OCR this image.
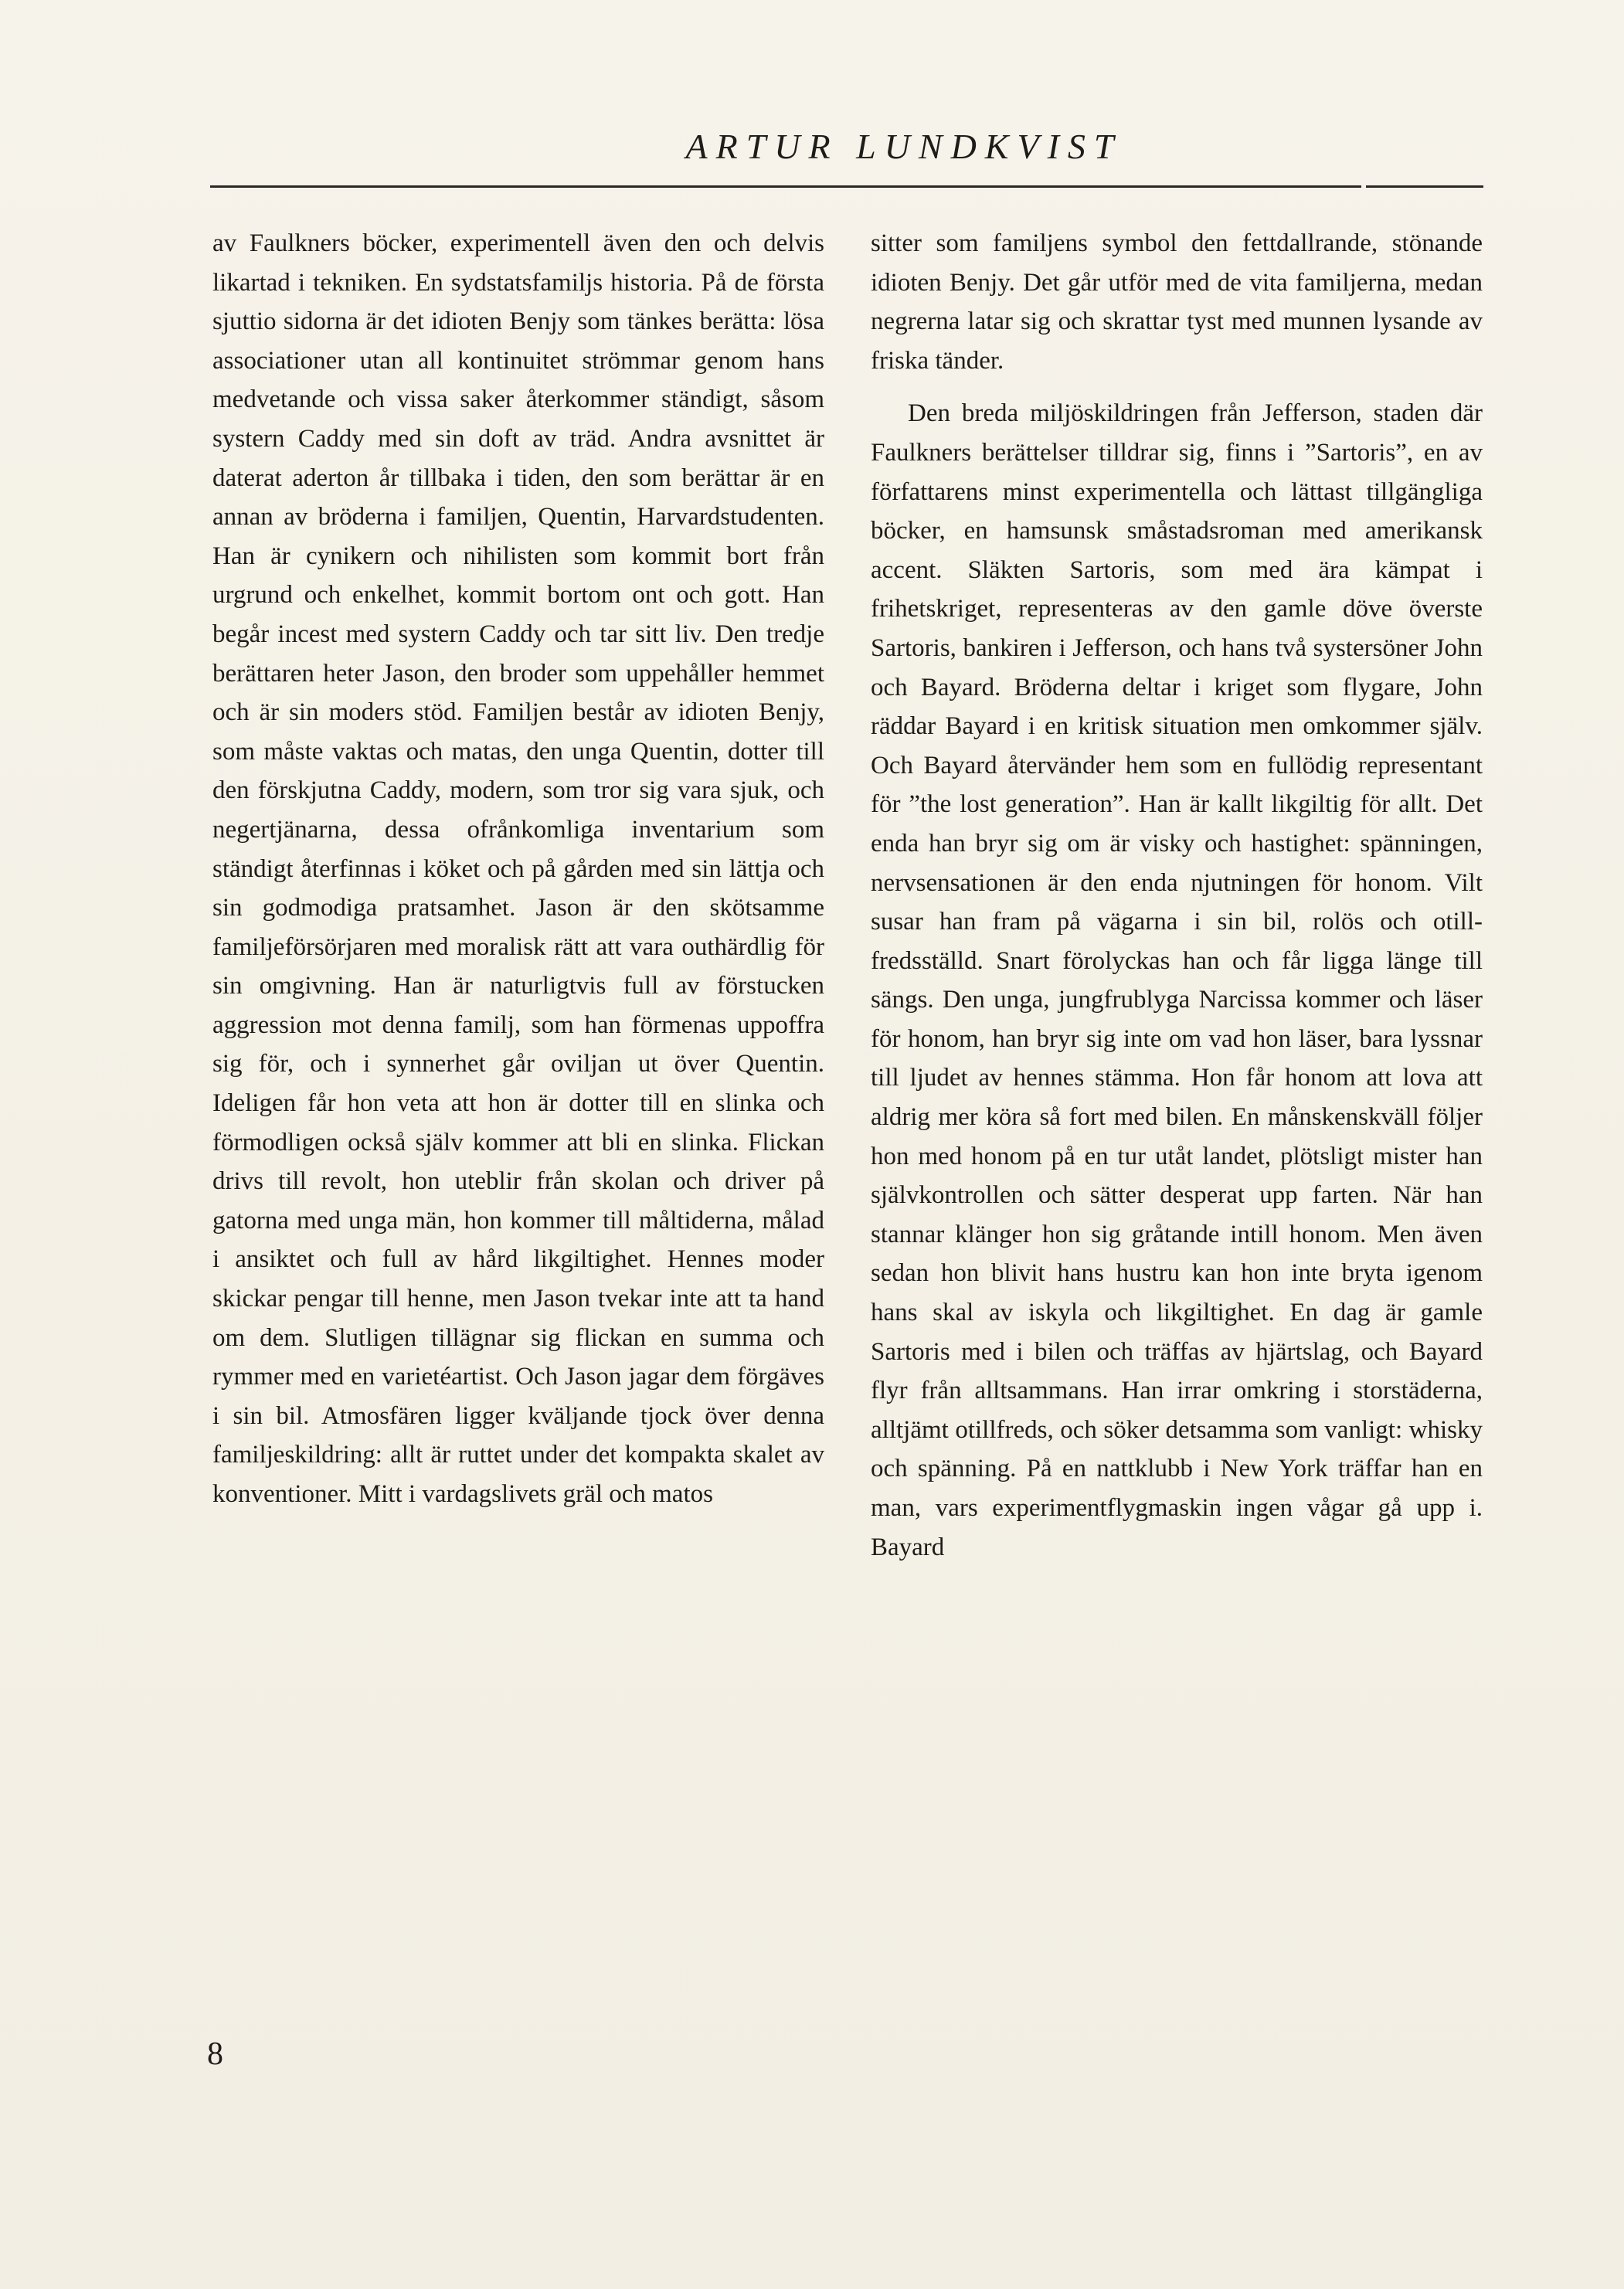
ARTUR LUNDKVIST

av Faulkners böcker, experimentell även den och delvis likartad i tekniken. En sydstatsfamiljs historia. På de första sjuttio sidorna är det idioten Benjy som tänkes berätta: lösa associationer utan all kontinuitet strömmar genom hans medvetande och vissa saker återkommer ständigt, såsom systern Caddy med sin doft av träd. Andra avsnittet är daterat aderton år tillbaka i tiden, den som berättar är en annan av bröderna i familjen, Quentin, Harvardstudenten. Han är cynikern och nihilisten som kommit bort från urgrund och enkelhet, kommit bortom ont och gott. Han begår incest med systern Caddy och tar sitt liv. Den tredje berättaren heter Jason, den broder som uppehåller hemmet och är sin moders stöd. Familjen består av idioten Benjy, som måste vaktas och matas, den unga Quentin, dotter till den förskjutna Caddy, modern, som tror sig vara sjuk, och negertjänarna, dessa ofrånkomliga inventarium som ständigt återfinnas i köket och på gården med sin lättja och sin godmodiga pratsamhet. Jason är den skötsamme familjeförsörjaren med moralisk rätt att vara outhärdlig för sin omgivning. Han är naturligtvis full av förstucken aggression mot denna familj, som han förmenas uppoffra sig för, och i synnerhet går oviljan ut över Quentin. Ideligen får hon veta att hon är dotter till en slinka och förmodligen också själv kommer att bli en slinka. Flickan drivs till revolt, hon uteblir från skolan och driver på gatorna med unga män, hon kommer till måltiderna, målad i ansiktet och full av hård likgiltighet. Hennes moder skickar pengar till henne, men Jason tvekar inte att ta hand om dem. Slutligen tillägnar sig flickan en summa och rymmer med en varietéartist. Och Jason jagar dem förgäves i sin bil. Atmosfären ligger kväljande tjock över denna familjeskildring: allt är ruttet under det kompakta skalet av konventioner. Mitt i vardagslivets gräl och matos

sitter som familjens symbol den fettdallrande, stönande idioten Benjy. Det går utför med de vita familjerna, medan negrerna latar sig och skrattar tyst med munnen lysande av friska tänder.

Den breda miljöskildringen från Jefferson, staden där Faulkners berättelser tilldrar sig, finns i ”Sartoris”, en av författarens minst experimentella och lättast tillgängliga böcker, en hamsunsk småstadsroman med amerikansk accent. Släkten Sartoris, som med ära kämpat i frihetskriget, representeras av den gamle döve överste Sartoris, bankiren i Jefferson, och hans två systersöner John och Bayard. Bröderna deltar i kriget som flygare, John räddar Bayard i en kritisk situation men omkommer själv. Och Bayard återvänder hem som en fullödig representant för ”the lost generation”. Han är kallt likgiltig för allt. Det enda han bryr sig om är visky och hastighet: spänningen, nervsensationen är den enda njutningen för honom. Vilt susar han fram på vägarna i sin bil, rolös och otillfredsställd. Snart förolyckas han och får ligga länge till sängs. Den unga, jungfrublyga Narcissa kommer och läser för honom, han bryr sig inte om vad hon läser, bara lyssnar till ljudet av hennes stämma. Hon får honom att lova att aldrig mer köra så fort med bilen. En månskenskväll följer hon med honom på en tur utåt landet, plötsligt mister han självkontrollen och sätter desperat upp farten. När han stannar klänger hon sig gråtande intill honom. Men även sedan hon blivit hans hustru kan hon inte bryta igenom hans skal av iskyla och likgiltighet. En dag är gamle Sartoris med i bilen och träffas av hjärtslag, och Bayard flyr från alltsammans. Han irrar omkring i storstäderna, alltjämt otillfreds, och söker detsamma som vanligt: whisky och spänning. På en nattklubb i New York träffar han en man, vars experimentflygmaskin ingen vågar gå upp i. Bayard

8
